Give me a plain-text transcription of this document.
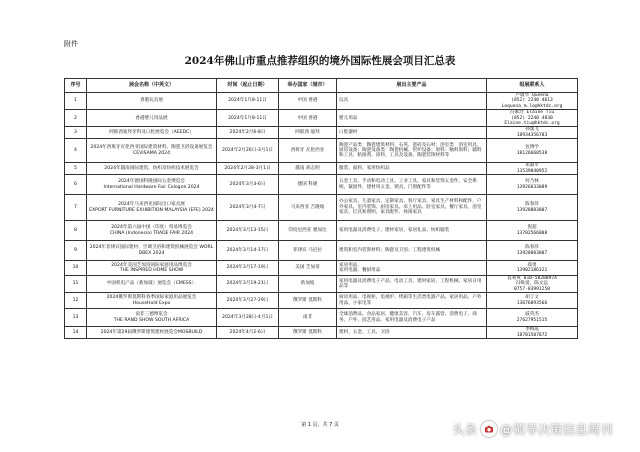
附件
2024年佛山市重点推荐组织的境外国际性展会项目汇总表
序号	展会名称（中英文）	时间（起止日期）	举办国家（城市）	展出主要产品	组展联系人
1	香港玩具展	2024年1月8-11日	中国 香港	玩具	卢敏华 Queena
(852) 2240 4613
Loquena_m.lo@hktdc.org
2	香港婴儿用品展	2024年1月8-11日	中国 香港	婴儿用品	冯素玲 Elaine Tiu
(852) 2240 4830
Elaine.tiu@hktdc.org
3	阿联酋迪拜牙科及口腔展览会（AEEDC）	2024年2月6-8日	阿联酋 迪拜	口腔器材	孙逸飞
18934356783
4	2024年西班牙瓦伦西亚国际建筑材料、陶瓷卫浴设备展览会
CEVISAMA 2024	2024年2月26日-3月1日	西班牙 瓦伦西亚	陶瓷产品类：陶瓷建筑材料、石英、瓷砖及石材；浴室类：浴室用具、厨房设备；陶瓷设备类：陶瓷机械、窑炉设备；原料：釉料原料；辅料和工具：粘接剂、涂料、工具及设备、陶瓷装饰材料等	包博学
18126660538
5	2024年越南国际建筑、纺织及纺织技术展览会	2024年2月28-3月1日	越南 胡志明	服装、面料、家用纺织品	朱毅苹
13539040952
6	2024年德国科隆国际五金博览会
International Hardware Fair Cologne 2024	2024年3月3-6日	德国 科隆	五金工具、手动和电动工具、工业工具、家具和装饰五金件、安全系统、紧固件、建材用五金、锁具、门窗配件等	何乃林
13926633089
7	2024年马来西亚国际出口家具展
EXPORT FURNITURE EXHIBITION MALAYSIA (EFE) 2024	2024年3月4-7日	马来西亚 吉隆坡	办公家具、儿童家具、定制家具、客厅家具、家具生产材料和配件、户外家具、室内装饰、厨房家具、床上用品、卧室家具、餐厅家具、浴室家具、灯具和照明、家具配件、休闲家具	陈春萍
13928803007
8	2024年第六届中国（印度）贸易博览会
CHINA (Indonesia) TRADE FAIR 2024	2024年3月13-15日	印度尼西亚 雅加达	家用电器及消费电子、建材家居、家居礼品、纺织服装	倪超
13702566088
9	2024年菲律宾国际建材、空调卫浴和建筑机械展览会 WORLDBEX 2024	2024年3月14-17日	菲律宾 马尼拉	建筑和室内装饰材料；陶瓷及卫浴；工程建筑机械	陈春萍
13928803007
10	2024年美国芝加哥国际家庭用品博览会
THE INSPIRED HOME SHOW	2024年3月17-19日	美国 芝加哥	家居用品、
家用电器、餐厨用品	郑勇
13902186321
11	中国机电产品（新加坡）展览会（CMESS）	2024年3月19-21日	新加坡	家用电器及消费电子产品、电动工具、建材家居、工程机械、家居日用品等	袁爽爽 010-58280974
冯唯爱，陈文远
0757-83991250
12	2024俄罗斯莫斯科春季国际家庭用品展览会
HouseHold Expo	2024年3月27-29日	俄罗斯 莫斯科	厨房用品、电视柜、电视炉、烤箱等生活类电器产品、家居用品、户外用品、小家电等	胡丁文
13676093566
13	南非三德博览会
THE RAND SHOW SOUTH AFRICA	2024年3月28日-4月1日	南非	全球消费品、食品家居、健康美容、汽车、房车露营、消费电子、商务、户外、园艺用品、家用电器及消费电子产品	戚英杰
27627951515
14	2024年第29届俄罗斯建筑建材展览会MOSBUILD	2024年4月2-6日	俄罗斯 莫斯科	建材、五金、工具、卫浴	李梅霞
18701507872
第 1 页，共 7 页	头条 @领导决策信息周刊
